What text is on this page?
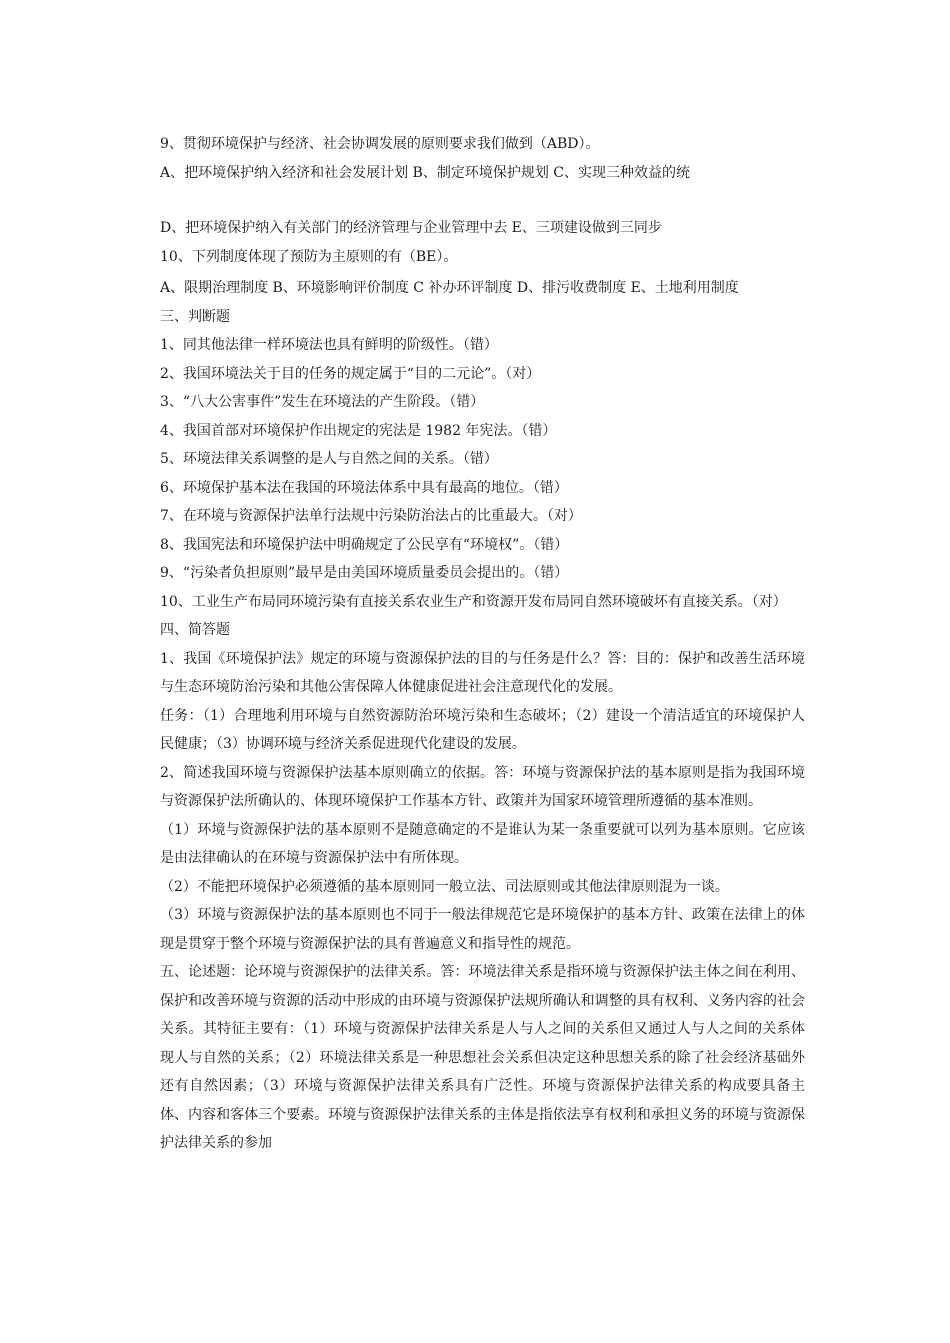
9、贯彻环境保护与经济、社会协调发展的原则要求我们做到（ABD）。
A、把环境保护纳入经济和社会发展计划 B、制定环境保护规划 C、实现三种效益的统
D、把环境保护纳入有关部门的经济管理与企业管理中去 E、三项建设做到三同步
10、下列制度体现了预防为主原则的有（BE）。
A、限期治理制度 B、环境影响评价制度 C 补办环评制度 D、排污收费制度 E、土地利用制度
三、判断题
1、同其他法律一样环境法也具有鲜明的阶级性。（错）
2、我国环境法关于目的任务的规定属于“目的二元论”。（对）
3、“八大公害事件”发生在环境法的产生阶段。（错）
4、我国首部对环境保护作出规定的宪法是 1982 年宪法。（错）
5、环境法律关系调整的是人与自然之间的关系。（错）
6、环境保护基本法在我国的环境法体系中具有最高的地位。（错）
7、在环境与资源保护法单行法规中污染防治法占的比重最大。（对）
8、我国宪法和环境保护法中明确规定了公民享有“环境权”。（错）
9、“污染者负担原则”最早是由美国环境质量委员会提出的。（错）
10、工业生产布局同环境污染有直接关系农业生产和资源开发布局同自然环境破坏有直接关系。（对）
四、简答题
1、我国《环境保护法》规定的环境与资源保护法的目的与任务是什么？答：目的：保护和改善生活环境与生态环境防治污染和其他公害保障人体健康促进社会注意现代化的发展。
任务：（1）合理地利用环境与自然资源防治环境污染和生态破坏；（2）建设一个清洁适宜的环境保护人民健康；（3）协调环境与经济关系促进现代化建设的发展。
2、简述我国环境与资源保护法基本原则确立的依据。答：环境与资源保护法的基本原则是指为我国环境与资源保护法所确认的、体现环境保护工作基本方针、政策并为国家环境管理所遵循的基本准则。
（1）环境与资源保护法的基本原则不是随意确定的不是谁认为某一条重要就可以列为基本原则。它应该是由法律确认的在环境与资源保护法中有所体现。
（2）不能把环境保护必须遵循的基本原则同一般立法、司法原则或其他法律原则混为一谈。
（3）环境与资源保护法的基本原则也不同于一般法律规范它是环境保护的基本方针、政策在法律上的体现是贯穿于整个环境与资源保护法的具有普遍意义和指导性的规范。
五、论述题：论环境与资源保护的法律关系。答：环境法律关系是指环境与资源保护法主体之间在利用、保护和改善环境与资源的活动中形成的由环境与资源保护法规所确认和调整的具有权利、义务内容的社会关系。其特征主要有：（1）环境与资源保护法律关系是人与人之间的关系但又通过人与人之间的关系体现人与自然的关系；（2）环境法律关系是一种思想社会关系但决定这种思想关系的除了社会经济基础外还有自然因素；（3）环境与资源保护法律关系具有广泛性。环境与资源保护法律关系的构成要具备主体、内容和客体三个要素。环境与资源保护法律关系的主体是指依法享有权利和承担义务的环境与资源保护法律关系的参加
